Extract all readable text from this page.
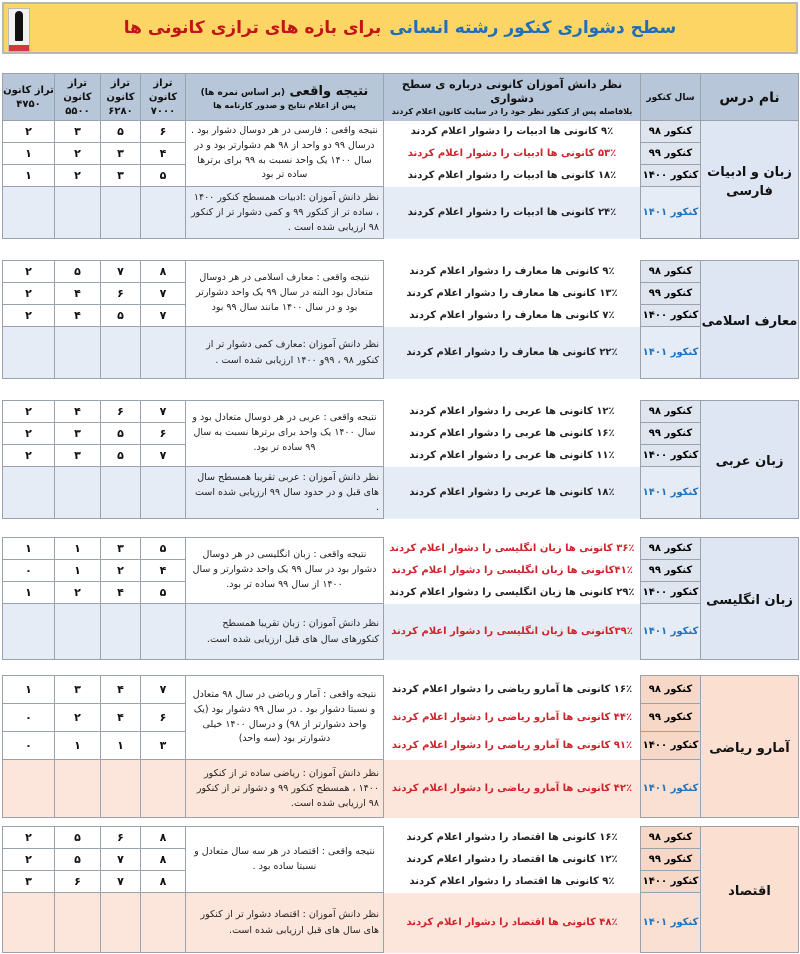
سطح دشواری کنکور رشته انسانی
برای بازه های ترازی کانونی ها
نام درس	سال کنکور	نظر دانش آموزان کانونی درباره ی سطح دشواری
بلافاصله پس از کنکور نظر خود را در سایت کانون اعلام کردند
	نتیجه واقعی (بر اساس نمره ها)
پس از اعلام نتایج و صدور کارنامه ها
	تراز کانون ۷۰۰۰	تراز کانون ۶۲۸۰	تراز کانون ۵۵۰۰	تراز کانون ۴۷۵۰
زبان و ادبیات فارسی	کنکور ۹۸	۹٪ کانونی ها ادبیات را دشوار اعلام کردند	نتیجه واقعی : فارسی در هر دوسال دشوار بود . درسال ۹۹ دو واحد از ۹۸ هم دشوارتر بود و در سال ۱۴۰۰ یک واحد نسبت به ۹۹ برای برترها ساده تر بود	۶	۵	۳	۲
	کنکور ۹۹	۵۳٪ کانونی ها ادبیات را دشوار اعلام کردند		۴	۳	۲	۱
	کنکور ۱۴۰۰	۱۸٪ کانونی ها ادبیات را دشوار اعلام کردند		۵	۳	۲	۱
	کنکور ۱۴۰۱	۲۴٪ کانونی ها ادبیات را دشوار اعلام کردند	نظر دانش آموزان :ادبیات همسطح کنکور ۱۴۰۰ ، ساده تر از کنکور ۹۹ و کمی دشوار تر از کنکور ۹۸ ارزیابی شده است .				
معارف اسلامی	کنکور ۹۸	۹٪ کانونی ها معارف را دشوار اعلام کردند	نتیجه واقعی : معارف اسلامی در هر دوسال متعادل بود البته در سال ۹۹ یک واحد دشوارتر بود و در سال ۱۴۰۰ مانند سال ۹۹ بود	۸	۷	۵	۲
	کنکور ۹۹	۱۳٪ کانونی ها معارف را دشوار اعلام کردند		۷	۶	۴	۲
	کنکور ۱۴۰۰	۷٪ کانونی ها معارف را دشوار اعلام کردند		۷	۵	۴	۲
	کنکور ۱۴۰۱	۲۲٪ کانونی ها معارف را دشوار اعلام کردند	نظر دانش آموزان :معارف کمی دشوار تر از کنکور ۹۸ ، ۹۹و ۱۴۰۰ ارزیابی شده است .				
زبان عربی	کنکور ۹۸	۱۲٪ کانونی ها عربی را دشوار اعلام کردند	نتیجه واقعی : عربی در هر دوسال متعادل بود و سال ۱۴۰۰ یک واحد برای برترها نسبت به سال ۹۹ ساده تر بود.	۷	۶	۴	۲
	کنکور ۹۹	۱۶٪ کانونی ها عربی را دشوار اعلام کردند		۶	۵	۳	۲
	کنکور ۱۴۰۰	۱۱٪ کانونی ها عربی را دشوار اعلام کردند		۷	۵	۳	۲
	کنکور ۱۴۰۱	۱۸٪ کانونی ها عربی را دشوار اعلام کردند	نظر دانش آموزان : عربی تقریبا همسطح سال های قبل و در حدود سال ۹۹ ارزیابی شده است .				
زبان انگلیسی	کنکور ۹۸	۳۶٪ کانونی ها زبان انگلیسی را دشوار اعلام کردند	نتیجه واقعی : زبان انگلیسی در هر دوسال دشوار بود در سال ۹۹ یک واحد دشوارتر و سال ۱۴۰۰ از سال ۹۹ ساده تر بود.	۵	۳	۱	۱
	کنکور ۹۹	۴۱٪کانونی ها زبان انگلیسی را دشوار اعلام کردند		۴	۲	۱	۰
	کنکور ۱۴۰۰	۲۹٪ کانونی ها زبان انگلیسی را دشوار اعلام کردند		۵	۴	۲	۱
	کنکور ۱۴۰۱	۳۹٪کانونی ها زبان انگلیسی را دشوار اعلام کردند	نظر دانش آموزان : زبان تقریبا همسطح کنکورهای سال های قبل ارزیابی شده است.				
آمارو ریاضی	کنکور ۹۸	۱۶٪ کانونی ها آمارو ریاضی را دشوار اعلام کردند	نتیجه واقعی : آمار و ریاضی در سال ۹۸ متعادل و نسبتا دشوار بود . در سال ۹۹ دشوار بود (یک واحد دشوارتر از ۹۸) و درسال ۱۴۰۰ خیلی دشوارتر بود (سه واحد)	۷	۴	۳	۱
	کنکور ۹۹	۴۴٪ کانونی ها آمارو ریاضی را دشوار اعلام کردند		۶	۴	۲	۰
	کنکور ۱۴۰۰	۹۱٪ کانونی ها آمارو ریاضی را دشوار اعلام کردند		۳	۱	۱	۰
	کنکور ۱۴۰۱	۴۲٪ کانونی ها آمارو ریاضی را دشوار اعلام کردند	نظر دانش آموزان : ریاضی ساده تر از کنکور ۱۴۰۰ ، همسطح کنکور ۹۹ و دشوار تر از کنکور ۹۸ ارزیابی شده است.				
اقتصاد	کنکور ۹۸	۱۶٪ کانونی ها اقتصاد را دشوار اعلام کردند	نتیجه واقعی : اقتصاد در هر سه سال متعادل و نسبتا ساده بود .	۸	۶	۵	۲
	کنکور ۹۹	۱۲٪ کانونی ها اقتصاد را دشوار اعلام کردند		۸	۷	۵	۲
	کنکور ۱۴۰۰	۹٪ کانونی ها اقتصاد را دشوار اعلام کردند		۸	۷	۶	۳
	کنکور ۱۴۰۱	۴۸٪ کانونی ها اقتصاد را دشوار اعلام کردند	نظر دانش آموزان : اقتصاد دشوار تر از کنکور های سال های قبل ارزیابی شده است.				
